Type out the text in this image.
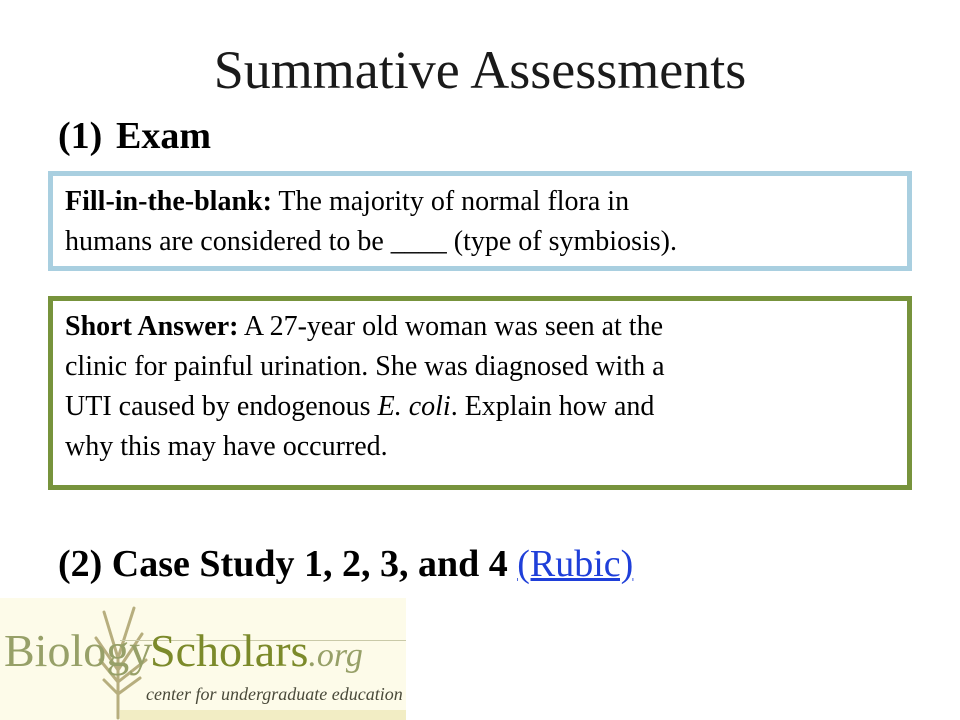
Summative Assessments
(1) Exam
Fill-in-the-blank: The majority of normal flora in
humans are considered to be ____ (type of symbiosis).
Short Answer: A 27-year old woman was seen at the
clinic for painful urination. She was diagnosed with a
UTI caused by endogenous E. coli. Explain how and
why this may have occurred.
(2) Case Study 1, 2, 3, and 4 (Rubic)
Biology
Scholars.org
center for undergraduate education
